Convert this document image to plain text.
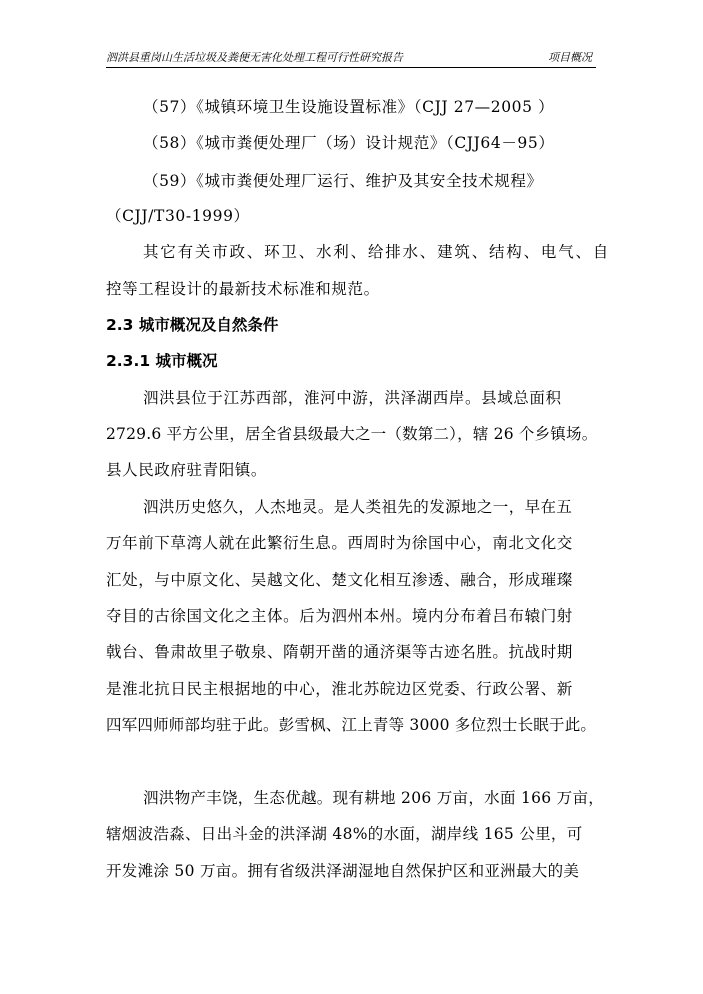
泗洪县重岗山生活垃圾及粪便无害化处理工程可行性研究报告	项目概况
（57）《城镇环境卫生设施设置标准》（CJJ 27—2005 ）
（58）《城市粪便处理厂（场）设计规范》（CJJ64－95）
（59）《城市粪便处理厂运行、维护及其安全技术规程》
（CJJ/T30-1999）
其它有关市政、环卫、水利、给排水、建筑、结构、电气、自
控等工程设计的最新技术标准和规范。
2.3 城市概况及自然条件
2.3.1 城市概况
泗洪县位于江苏西部，淮河中游，洪泽湖西岸。县域总面积
2729.6 平方公里，居全省县级最大之一（数第二），辖 26 个乡镇场。
县人民政府驻青阳镇。
泗洪历史悠久，人杰地灵。是人类祖先的发源地之一，早在五
万年前下草湾人就在此繁衍生息。西周时为徐国中心，南北文化交
汇处，与中原文化、吴越文化、楚文化相互渗透、融合，形成璀璨
夺目的古徐国文化之主体。后为泗州本州。境内分布着吕布辕门射
戟台、鲁肃故里子敬泉、隋朝开凿的通济渠等古迹名胜。抗战时期
是淮北抗日民主根据地的中心，淮北苏皖边区党委、行政公署、新
四军四师师部均驻于此。彭雪枫、江上青等 3000 多位烈士长眠于此。
泗洪物产丰饶，生态优越。现有耕地 206 万亩，水面 166 万亩，
辖烟波浩淼、日出斗金的洪泽湖 48%的水面，湖岸线 165 公里，可
开发滩涂 50 万亩。拥有省级洪泽湖湿地自然保护区和亚洲最大的美
